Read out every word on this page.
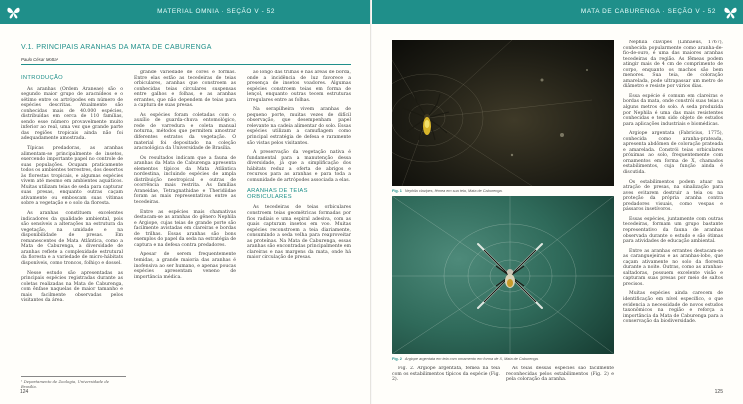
MATERIAL OMNIA · SEÇÃO V - 52
V.1. PRINCIPAIS ARANHAS DA MATA DE CABURENGA
Paulo César Motta¹
INTRODUÇÃO

As aranhas (Ordem Araneae) são o segundo maior grupo de aracnídeos e o sétimo entre os artrópodes em número de espécies descritas. Atualmente são conhecidas mais de 40.000 espécies, distribuídas em cerca de 110 famílias, sendo esse número provavelmente muito inferior ao real, uma vez que grande parte das regiões tropicais ainda não foi adequadamente amostrada.

Típicas predadoras, as aranhas alimentam-se principalmente de insetos, exercendo importante papel no controle de suas populações. Ocupam praticamente todos os ambientes terrestres, dos desertos às florestas tropicais, e algumas espécies vivem até mesmo em ambientes aquáticos. Muitas utilizam teias de seda para capturar suas presas, enquanto outras caçam ativamente ou emboscam suas vítimas sobre a vegetação e o solo da floresta.

As aranhas constituem excelentes indicadores da qualidade ambiental, pois são sensíveis a alterações na estrutura da vegetação, na umidade e na disponibilidade de presas. Em remanescentes de Mata Atlântica, como a Mata de Caburenga, a diversidade de aranhas reflete a complexidade estrutural da floresta e a variedade de micro-hábitats disponíveis, como troncos, folhiço e dossel.

Nesse estudo são apresentadas as principais espécies registradas durante as coletas realizadas na Mata de Caburenga, com ênfase naquelas de maior tamanho e mais facilmente observadas pelos visitantes da área.

grande variedade de cores e formas. Entre elas estão as tecedeiras de teias orbiculares, aranhas que constroem as conhecidas teias circulares suspensas entre galhos e folhas, e as aranhas errantes, que não dependem de teias para a captura de suas presas.

As espécies foram coletadas com o auxílio de guarda-chuva entomológico, rede de varredura e coleta manual noturna, métodos que permitem amostrar diferentes estratos da vegetação. O material foi depositado na coleção aracnológica da Universidade de Brasília.

Os resultados indicam que a fauna de aranhas da Mata de Caburenga apresenta elementos típicos da Mata Atlântica nordestina, incluindo espécies de ampla distribuição neotropical e outras de ocorrência mais restrita. As famílias Araneidae, Tetragnathidae e Theridiidae foram as mais representativas entre as tecedeiras.

Entre as espécies mais chamativas destacam-se as aranhas do gênero Nephila e Argiope, cujas teias de grande porte são facilmente avistadas em clareiras e bordas de trilhas. Essas aranhas são bons exemplos do papel da seda na estratégia de captura e na defesa contra predadores.

Apesar de serem frequentemente temidas, a grande maioria das aranhas é inofensiva ao ser humano, e apenas poucas espécies apresentam veneno de importância médica.

ao longo das trilhas e nas áreas de borda, onde a incidência de luz favorece a presença de insetos voadores. Algumas espécies constroem teias em forma de lençol, enquanto outras tecem estruturas irregulares entre as folhas.

Na serapilheira vivem aranhas de pequeno porte, muitas vezes de difícil observação, que desempenham papel relevante na cadeia alimentar do solo. Essas espécies utilizam a camuflagem como principal estratégia de defesa e raramente são vistas pelos visitantes.

A preservação da vegetação nativa é fundamental para a manutenção dessa diversidade, já que a simplificação dos hábitats reduz a oferta de abrigos e recursos para as aranhas e para toda a comunidade de artrópodes associada a elas.

ARANHAS DE TEIAS ORBICULARES

As tecedeiras de teias orbiculares constroem teias geométricas formadas por fios radiais e uma espiral adesiva, com as quais capturam insetos em voo. Muitas espécies reconstroem a teia diariamente, consumindo a seda velha para reaproveitar as proteínas. Na Mata de Caburenga, essas aranhas são encontradas principalmente em clareiras e nas margens da mata, onde há maior circulação de presas.

¹ Departamento de Zoologia, Universidade de Brasília.
124
MATA DE CABURENGA · SEÇÃO V - 52
Fig. 1 Nephila clavipes, fêmea em sua teia, Mata de Caburenga.
Fig. 2 Argiope argentata em teia com ornamento em forma de X, Mata de Caburenga.

Fig. 2. Argiope argentata, fêmea na teia com os estabilimentos típicos da espécie (Fig. 2).

As teias dessas espécies são facilmente reconhecidas pelos estabilimentos (Fig. 2) e pela coloração da aranha.

Nephila clavipes (Linnaeus, 1767), conhecida popularmente como aranha-de-fio-de-ouro, é uma das maiores aranhas tecedeiras da região. As fêmeas podem atingir mais de 4 cm de comprimento de corpo, enquanto os machos são bem menores. Sua teia, de coloração amarelada, pode ultrapassar um metro de diâmetro e resiste por vários dias.

Essa espécie é comum em clareiras e bordas da mata, onde constrói suas teias a alguns metros do solo. A seda produzida por Nephila é uma das mais resistentes conhecidas e tem sido objeto de estudos para aplicações industriais e biomédicas.

Argiope argentata (Fabricius, 1775), conhecida como aranha-prateada, apresenta abdômen de coloração prateada e amarelada. Constrói teias orbiculares próximas ao solo, frequentemente com ornamentos em forma de X, chamados estabilimentos, cuja função ainda é discutida.

Os estabilimentos podem atuar na atração de presas, na sinalização para aves evitarem destruir a teia ou na proteção da própria aranha contra predadores visuais, como vespas e pássaros insetívoros.

Essas espécies, juntamente com outras tecedeiras, formam um grupo bastante representativo da fauna de aranhas observada durante o estudo e são ótimas para atividades de educação ambiental.

Entre as aranhas errantes destacam-se as caranguejeiras e as aranhas-lobo, que caçam ativamente no solo da floresta durante a noite. Outras, como as aranhas-saltadoras, possuem excelente visão e capturam suas presas por meio de saltos precisos.

Muitas espécies ainda carecem de identificação em nível específico, o que evidencia a necessidade de novos estudos taxonômicos na região e reforça a importância da Mata de Caburenga para a conservação da biodiversidade.

125
